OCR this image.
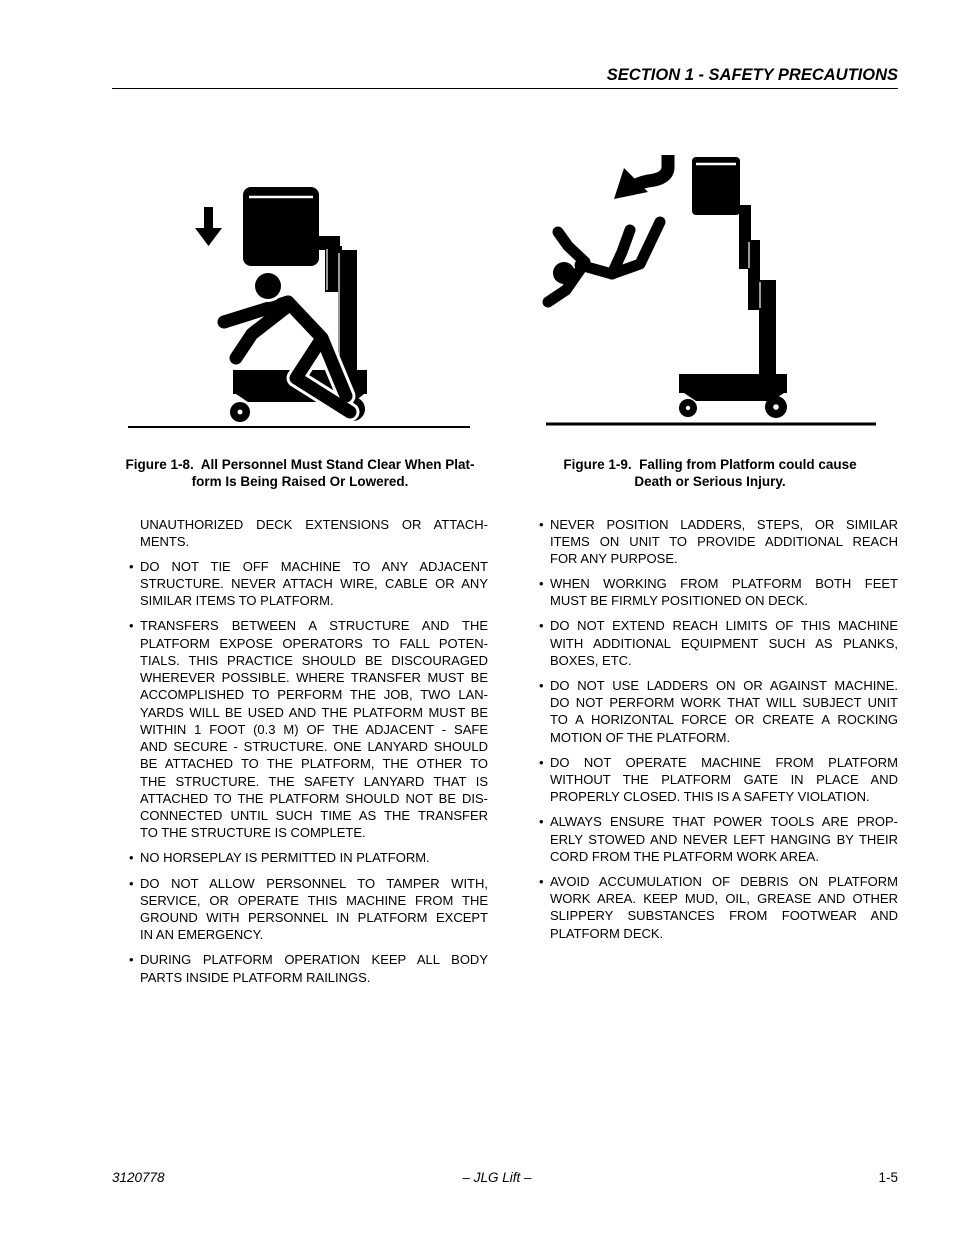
SECTION 1 - SAFETY PRECAUTIONS
Figure 1-8.  All Personnel Must Stand Clear When Plat-
form Is Being Raised Or Lowered.
Figure 1-9.  Falling from Platform could cause
Death or Serious Injury.
UNAUTHORIZED DECK EXTENSIONS OR ATTACH-
MENTS.
• DO NOT TIE OFF MACHINE TO ANY ADJACENT
STRUCTURE. NEVER ATTACH WIRE, CABLE OR ANY
SIMILAR ITEMS TO PLATFORM.
• TRANSFERS BETWEEN A STRUCTURE AND THE
PLATFORM EXPOSE OPERATORS TO FALL POTEN-
TIALS. THIS PRACTICE SHOULD BE DISCOURAGED
WHEREVER POSSIBLE. WHERE TRANSFER MUST BE
ACCOMPLISHED TO PERFORM THE JOB, TWO LAN-
YARDS WILL BE USED AND THE PLATFORM MUST BE
WITHIN 1 FOOT (0.3 M) OF THE ADJACENT - SAFE
AND SECURE - STRUCTURE. ONE LANYARD SHOULD
BE ATTACHED TO THE PLATFORM, THE OTHER TO
THE STRUCTURE. THE SAFETY LANYARD THAT IS
ATTACHED TO THE PLATFORM SHOULD NOT BE DIS-
CONNECTED UNTIL SUCH TIME AS THE TRANSFER
TO THE STRUCTURE IS COMPLETE.
• NO HORSEPLAY IS PERMITTED IN PLATFORM.
• DO NOT ALLOW PERSONNEL TO TAMPER WITH,
SERVICE, OR OPERATE THIS MACHINE FROM THE
GROUND WITH PERSONNEL IN PLATFORM EXCEPT
IN AN EMERGENCY.
• DURING PLATFORM OPERATION KEEP ALL BODY
PARTS INSIDE PLATFORM RAILINGS.
• NEVER POSITION LADDERS, STEPS, OR SIMILAR
ITEMS ON UNIT TO PROVIDE ADDITIONAL REACH
FOR ANY PURPOSE.
• WHEN WORKING FROM PLATFORM BOTH FEET
MUST BE FIRMLY POSITIONED ON DECK.
• DO NOT EXTEND REACH LIMITS OF THIS MACHINE
WITH ADDITIONAL EQUIPMENT SUCH AS PLANKS,
BOXES, ETC.
• DO NOT USE LADDERS ON OR AGAINST MACHINE.
DO NOT PERFORM WORK THAT WILL SUBJECT UNIT
TO A HORIZONTAL FORCE OR CREATE A ROCKING
MOTION OF THE PLATFORM.
• DO NOT OPERATE MACHINE FROM PLATFORM
WITHOUT THE PLATFORM GATE IN PLACE AND
PROPERLY CLOSED. THIS IS A SAFETY VIOLATION.
• ALWAYS ENSURE THAT POWER TOOLS ARE PROP-
ERLY STOWED AND NEVER LEFT HANGING BY THEIR
CORD FROM THE PLATFORM WORK AREA.
• AVOID ACCUMULATION OF DEBRIS ON PLATFORM
WORK AREA. KEEP MUD, OIL, GREASE AND OTHER
SLIPPERY SUBSTANCES FROM FOOTWEAR AND
PLATFORM DECK.
3120778	– JLG Lift –	1-5
